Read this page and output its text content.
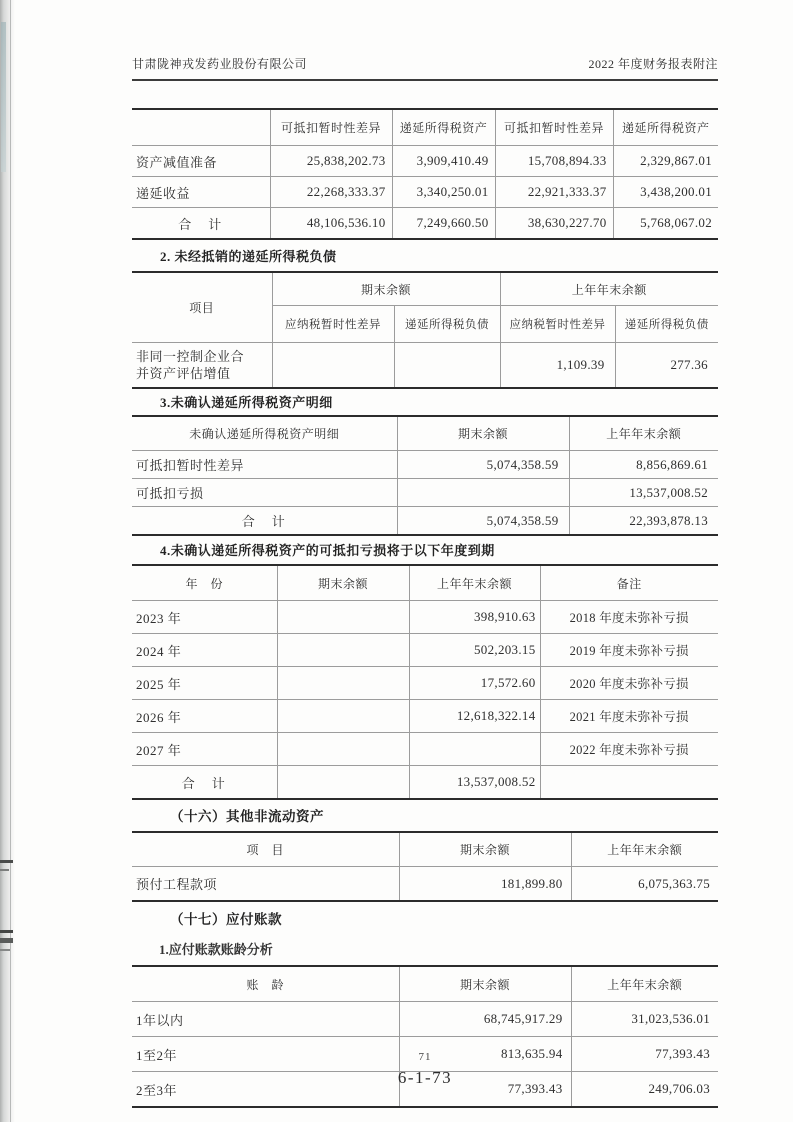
甘肃陇神戎发药业股份有限公司	2022 年度财务报表附注
	可抵扣暂时性差异	递延所得税资产	可抵扣暂时性差异	递延所得税资产
资产减值准备	25,838,202.73	3,909,410.49	15,708,894.33	2,329,867.01
递延收益	22,268,333.37	3,340,250.01	22,921,333.37	3,438,200.01
合　计	48,106,536.10	7,249,660.50	38,630,227.70	5,768,067.02
2. 未经抵销的递延所得税负债
项目	期末余额		上年年末余额	
	应纳税暂时性差异	递延所得税负债	应纳税暂时性差异	递延所得税负债
非同一控制企业合并资产评估增值			1,109.39	277.36
3.未确认递延所得税资产明细
未确认递延所得税资产明细	期末余额	上年年末余额
可抵扣暂时性差异	5,074,358.59	8,856,869.61
可抵扣亏损		13,537,008.52
合　计	5,074,358.59	22,393,878.13
4.未确认递延所得税资产的可抵扣亏损将于以下年度到期
年　份	期末余额	上年年末余额	备注
2023 年		398,910.63	2018 年度未弥补亏损
2024 年		502,203.15	2019 年度未弥补亏损
2025 年		17,572.60	2020 年度未弥补亏损
2026 年		12,618,322.14	2021 年度未弥补亏损
2027 年			2022 年度未弥补亏损
合　计		13,537,008.52	
（十六）其他非流动资产
项　目	期末余额	上年年末余额
预付工程款项	181,899.80	6,075,363.75
（十七）应付账款
1.应付账款账龄分析
账　龄	期末余额	上年年末余额
1年以内	68,745,917.29	31,023,536.01
1至2年	813,635.94	77,393.43
2至3年	77,393.43	249,706.03
71
6-1-73
